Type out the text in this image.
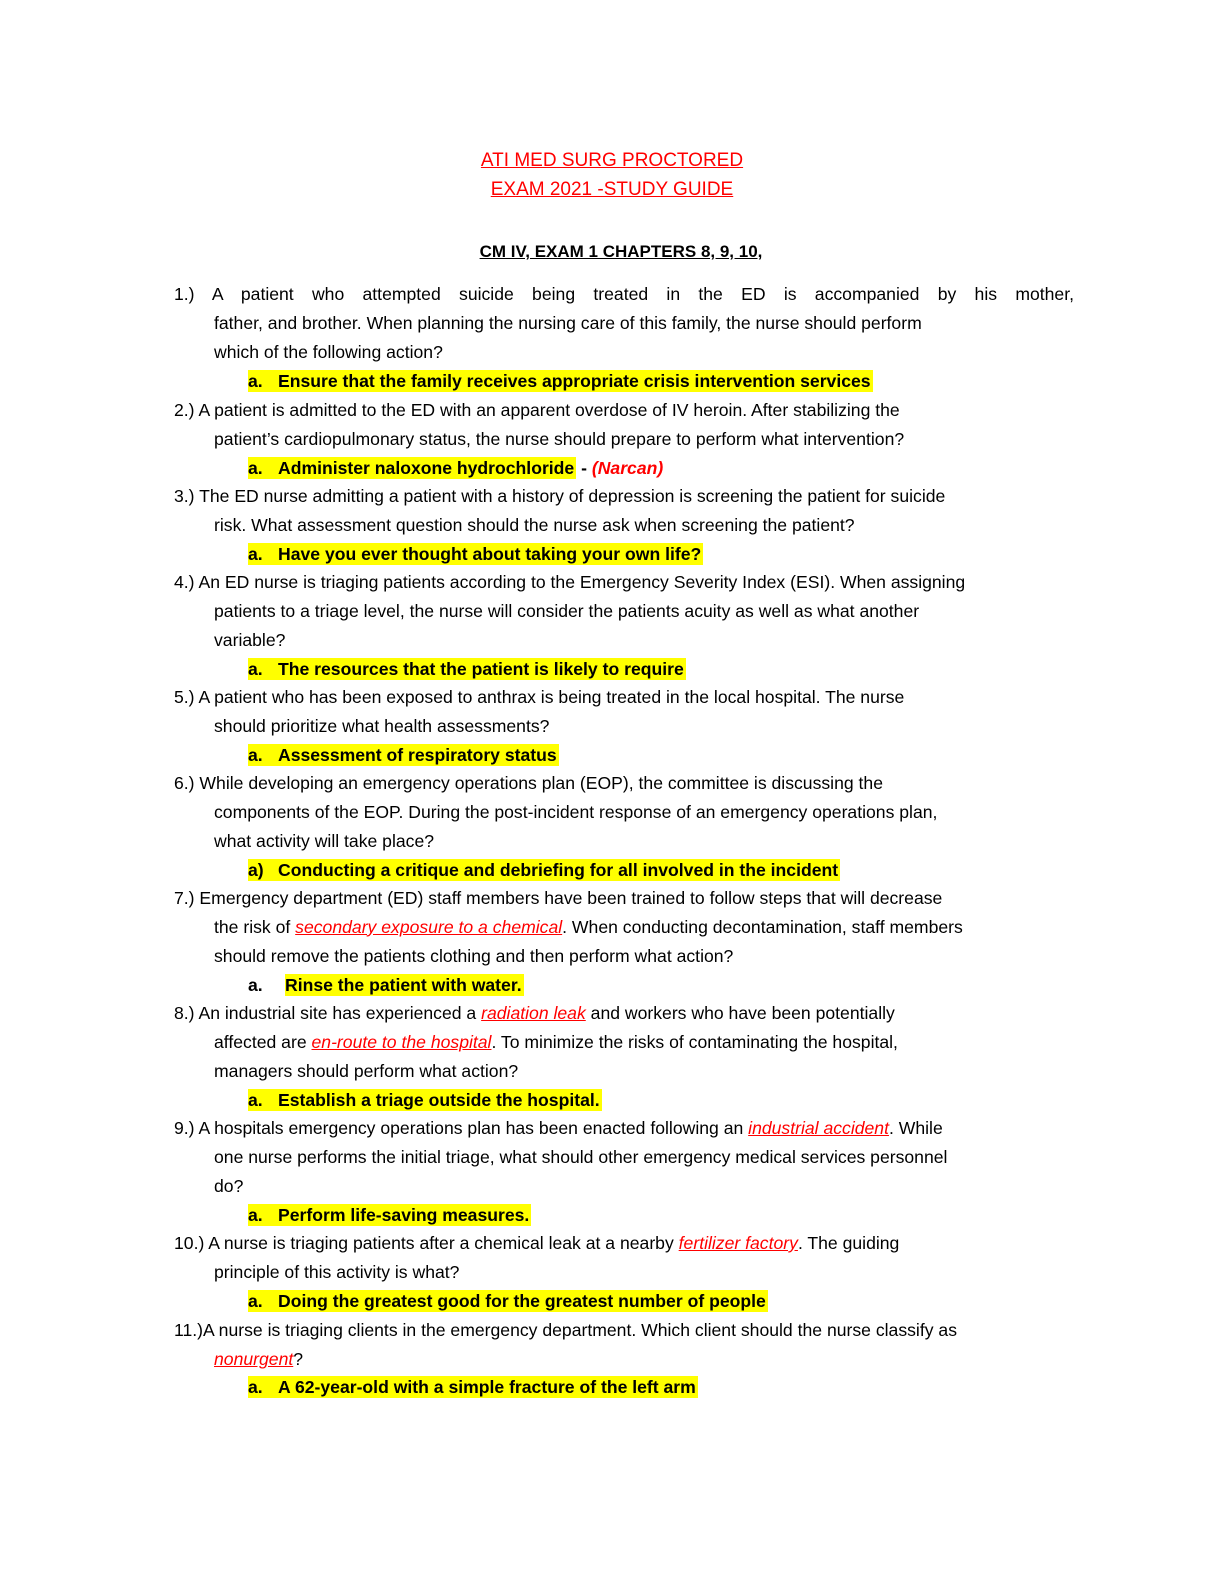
ATI MED SURG PROCTORED
EXAM 2021 -STUDY GUIDE
CM IV, EXAM 1 CHAPTERS 8, 9, 10,
1.) A patient who attempted suicide being treated in the ED is accompanied by his mother,
father, and brother. When planning the nursing care of this family, the nurse should perform
which of the following action?
a. Ensure that the family receives appropriate crisis intervention services
2.) A patient is admitted to the ED with an apparent overdose of IV heroin. After stabilizing the
patient’s cardiopulmonary status, the nurse should prepare to perform what intervention?
a. Administer naloxone hydrochloride - (Narcan)
3.) The ED nurse admitting a patient with a history of depression is screening the patient for suicide
risk. What assessment question should the nurse ask when screening the patient?
a. Have you ever thought about taking your own life?
4.) An ED nurse is triaging patients according to the Emergency Severity Index (ESI). When assigning
patients to a triage level, the nurse will consider the patients acuity as well as what another
variable?
a. The resources that the patient is likely to require
5.) A patient who has been exposed to anthrax is being treated in the local hospital. The nurse
should prioritize what health assessments?
a. Assessment of respiratory status
6.) While developing an emergency operations plan (EOP), the committee is discussing the
components of the EOP. During the post-incident response of an emergency operations plan,
what activity will take place?
a) Conducting a critique and debriefing for all involved in the incident
7.) Emergency department (ED) staff members have been trained to follow steps that will decrease
the risk of secondary exposure to a chemical. When conducting decontamination, staff members
should remove the patients clothing and then perform what action?
a. Rinse the patient with water.
8.) An industrial site has experienced a radiation leak and workers who have been potentially
affected are en-route to the hospital. To minimize the risks of contaminating the hospital,
managers should perform what action?
a. Establish a triage outside the hospital.
9.) A hospitals emergency operations plan has been enacted following an industrial accident. While
one nurse performs the initial triage, what should other emergency medical services personnel
do?
a. Perform life-saving measures.
10.) A nurse is triaging patients after a chemical leak at a nearby fertilizer factory. The guiding
principle of this activity is what?
a. Doing the greatest good for the greatest number of people
11.)A nurse is triaging clients in the emergency department. Which client should the nurse classify as
nonurgent?
a. A 62-year-old with a simple fracture of the left arm
